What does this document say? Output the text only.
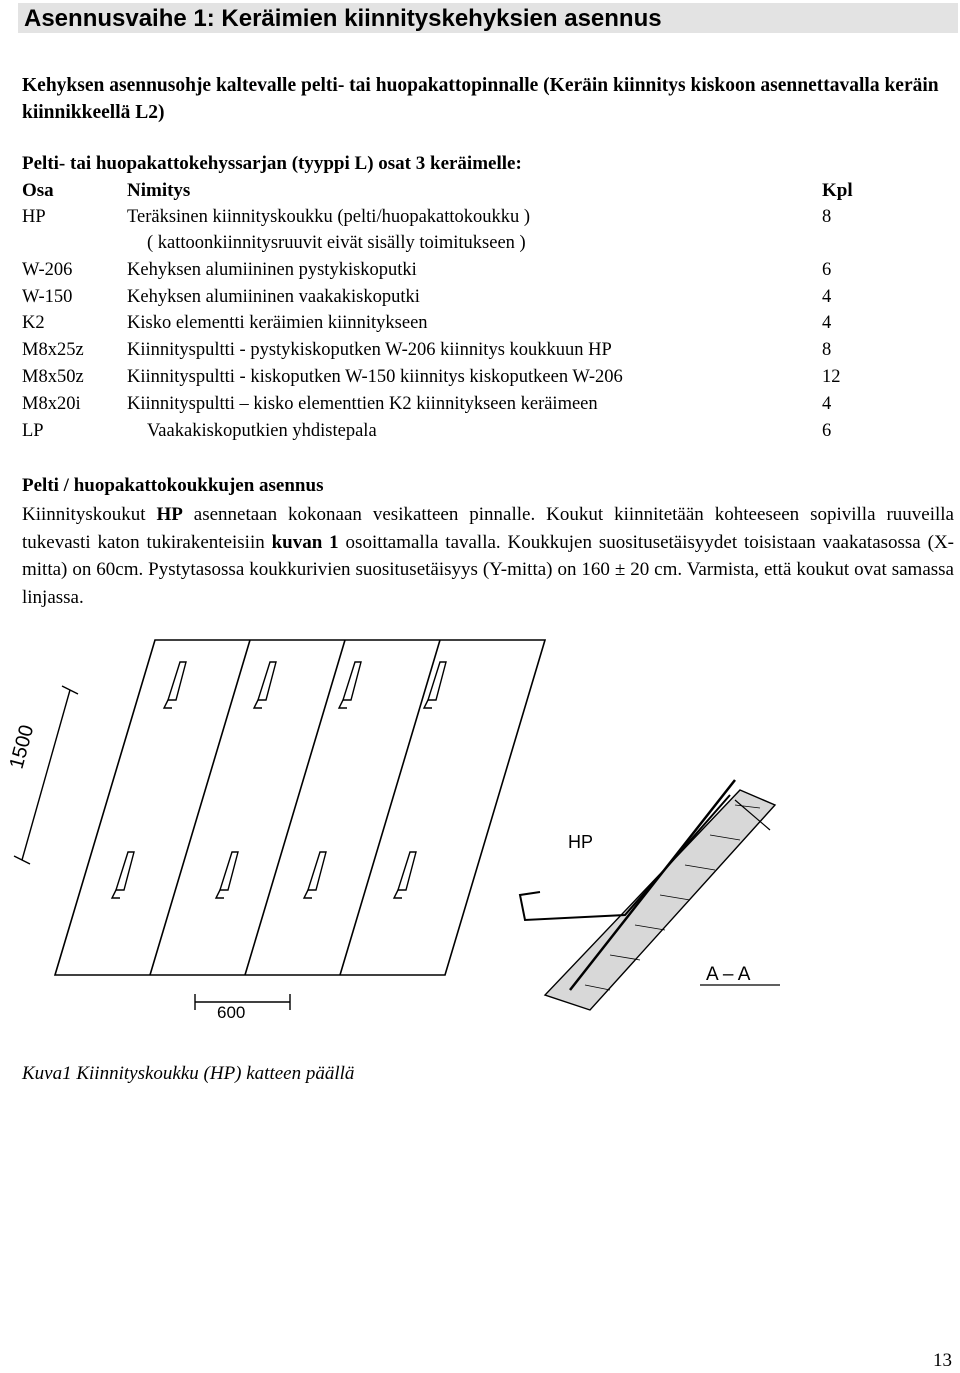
Asennusvaihe 1: Keräimien kiinnityskehyksien asennus
Kehyksen asennusohje kaltevalle pelti- tai huopakattopinnalle (Keräin kiinnitys kiskoon asennettavalla keräin kiinnikkeellä L2)
Pelti- tai huopakattokehyssarjan (tyyppi L) osat 3 keräimelle:
Osa	Nimitys	Kpl
HP	Teräksinen kiinnityskoukku (pelti/huopakattokoukku )	8
( kattoonkiinnitysruuvit eivät sisälly toimitukseen )
W-206	Kehyksen alumiininen pystykiskoputki	6
W-150	Kehyksen alumiininen vaakakiskoputki	4
K2	Kisko elementti keräimien kiinnitykseen	4
M8x25z Kiinnityspultti - pystykiskoputken W-206 kiinnitys koukkuun HP	8
M8x50z Kiinnityspultti - kiskoputken W-150 kiinnitys kiskoputkeen W-206	12
M8x20i	Kiinnityspultti – kisko elementtien K2 kiinnitykseen keräimeen	4
LP	Vaakakiskoputkien yhdistepala	6
Pelti / huopakattokoukkujen asennus
Kiinnityskoukut HP asennetaan kokonaan vesikatteen pinnalle. Koukut kiinnitetään kohteeseen sopivilla ruuveilla tukevasti katon tukirakenteisiin kuvan 1 osoittamalla tavalla. Koukkujen suositusetäisyydet toisistaan vaakatasossa (X-mitta) on 60cm. Pystytasossa koukkurivien suositusetäisyys (Y-mitta) on 160 ± 20 cm. Varmista, että koukut ovat samassa linjassa.
1500
600
HP
A – A
Kuva1 Kiinnityskoukku (HP) katteen päällä
13
